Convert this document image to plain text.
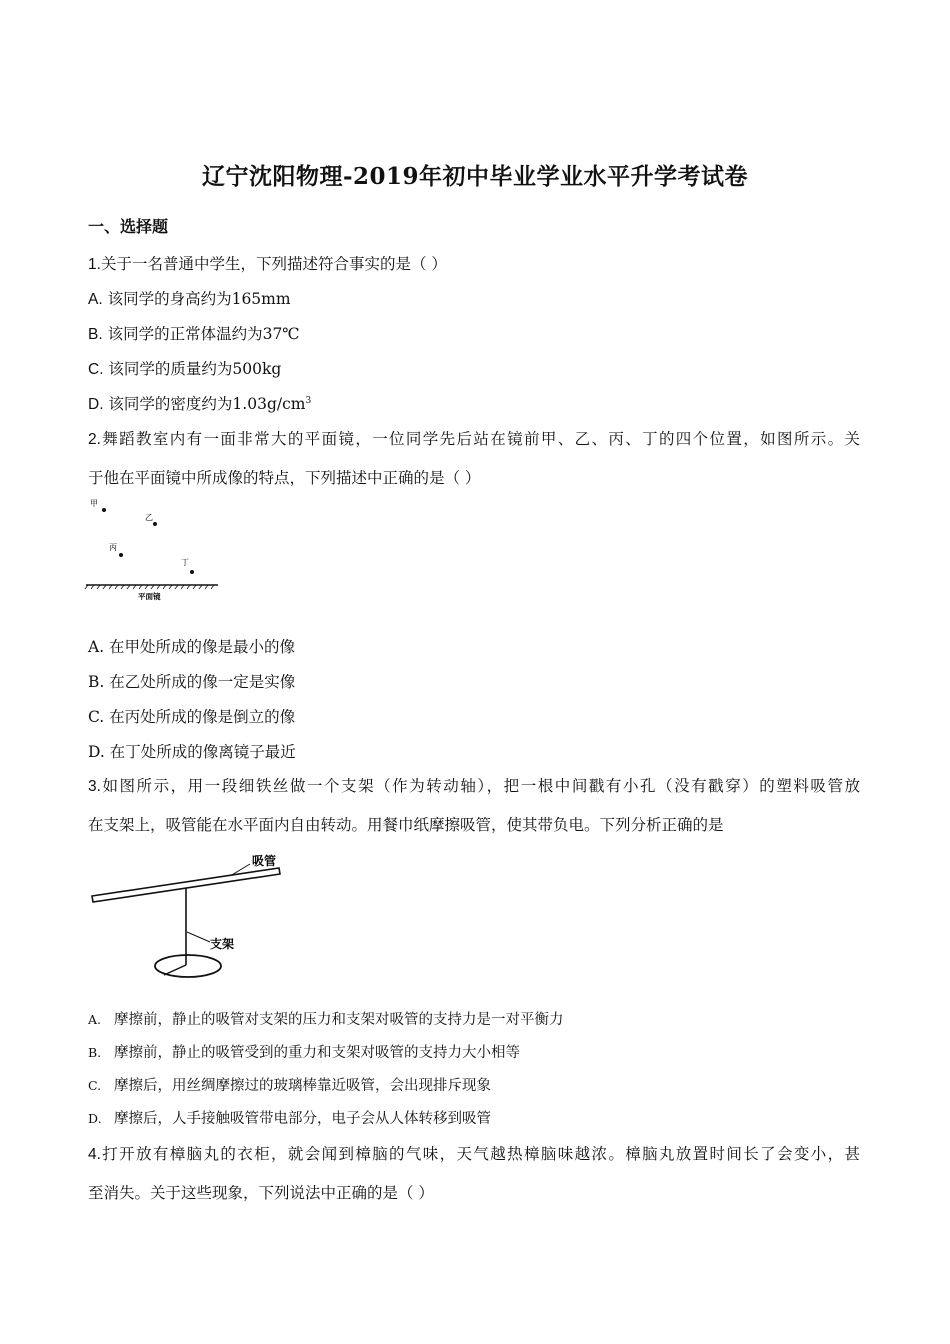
辽宁沈阳物理-2019年初中毕业学业水平升学考试卷
一、选择题
1.关于一名普通中学生，下列描述符合事实的是（ ）
A. 该同学的身高约为165mm
B. 该同学的正常体温约为37℃
C. 该同学的质量约为500kg
D. 该同学的密度约为$1.03g/cm^3$
2.舞蹈教室内有一面非常大的平面镜，一位同学先后站在镜前甲、乙、丙、丁的四个位置，如图所示。关
于他在平面镜中所成像的特点，下列描述中正确的是（ ）
甲
乙
丙
丁
平面镜
A. 在甲处所成的像是最小的像
B. 在乙处所成的像一定是实像
C. 在丙处所成的像是倒立的像
D. 在丁处所成的像离镜子最近
3.如图所示，用一段细铁丝做一个支架（作为转动轴），把一根中间戳有小孔（没有戳穿）的塑料吸管放
在支架上，吸管能在水平面内自由转动。用餐巾纸摩擦吸管，使其带负电。下列分析正确的是
吸管
支架
A. 摩擦前，静止的吸管对支架的压力和支架对吸管的支持力是一对平衡力
B. 摩擦前，静止的吸管受到的重力和支架对吸管的支持力大小相等
C. 摩擦后，用丝绸摩擦过的玻璃棒靠近吸管，会出现排斥现象
D. 摩擦后，人手接触吸管带电部分，电子会从人体转移到吸管
4.打开放有樟脑丸的衣柜，就会闻到樟脑的气味，天气越热樟脑味越浓。樟脑丸放置时间长了会变小，甚
至消失。关于这些现象，下列说法中正确的是（ ）
